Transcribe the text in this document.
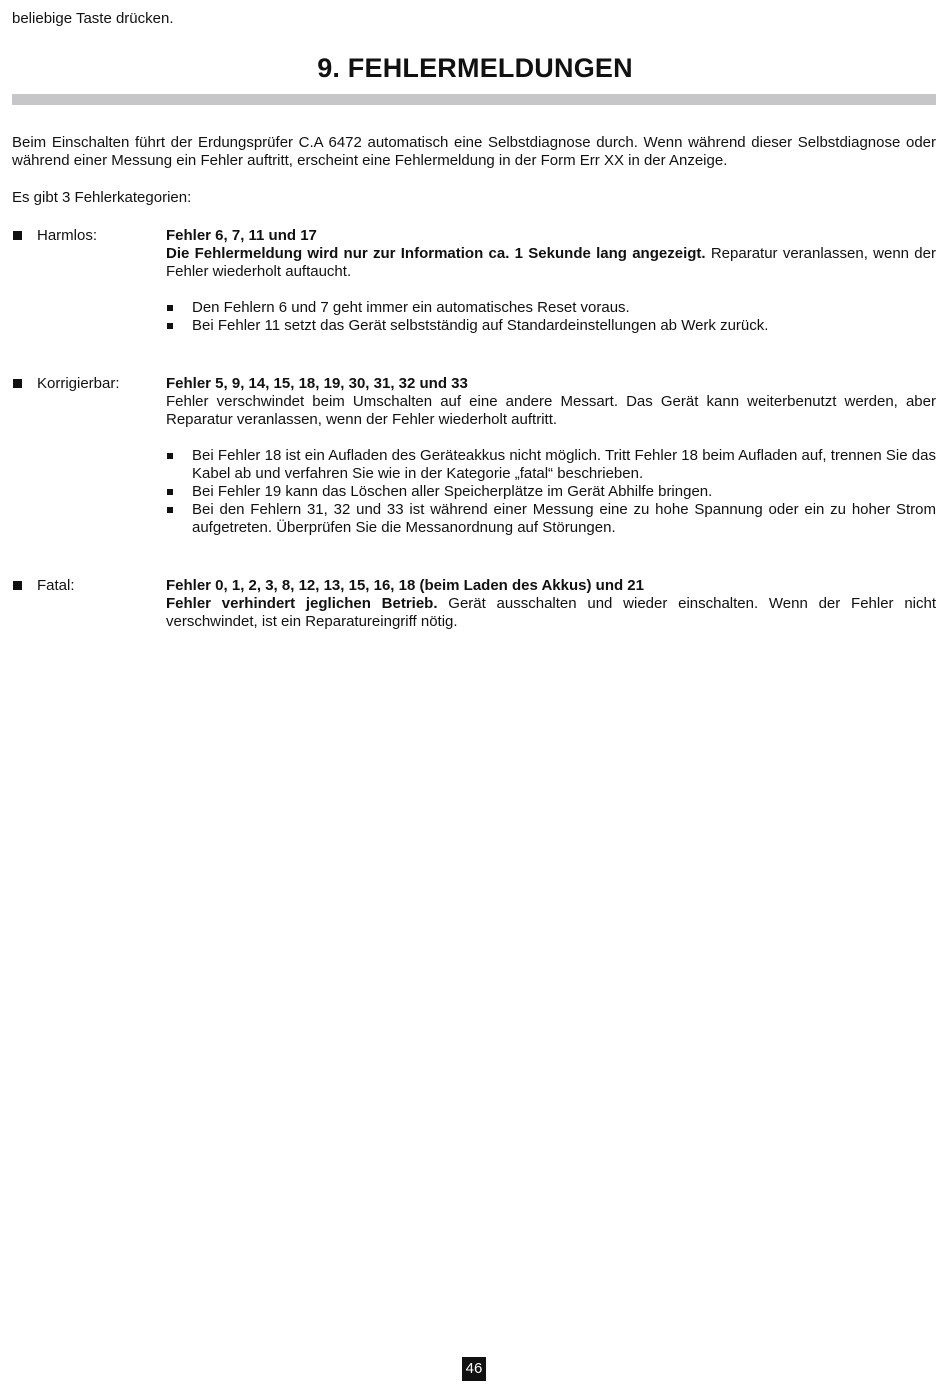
beliebige Taste drücken.
9. FEHLERMELDUNGEN
Beim Einschalten führt der Erdungsprüfer C.A 6472 automatisch eine Selbstdiagnose durch. Wenn während dieser Selbstdiagnose oder während einer Messung ein Fehler auftritt, erscheint eine Fehlermeldung in der Form Err XX in der Anzeige.
Es gibt 3 Fehlerkategorien:
Harmlos:	Fehler 6, 7, 11 und 17
Die Fehlermeldung wird nur zur Information ca. 1 Sekunde lang angezeigt. Reparatur veranlassen, wenn der Fehler wiederholt auftaucht.
Den Fehlern 6 und 7 geht immer ein automatisches Reset voraus.
Bei Fehler 11 setzt das Gerät selbstständig auf Standardeinstellungen ab Werk zurück.
Korrigierbar:	Fehler 5, 9, 14, 15, 18, 19, 30, 31, 32 und 33
Fehler verschwindet beim Umschalten auf eine andere Messart. Das Gerät kann weiterbenutzt werden, aber Reparatur veranlassen, wenn der Fehler wiederholt auftritt.
Bei Fehler 18 ist ein Aufladen des Geräteakkus nicht möglich. Tritt Fehler 18 beim Aufladen auf, trennen Sie das Kabel ab und verfahren Sie wie in der Kategorie „fatal“ beschrieben.
Bei Fehler 19 kann das Löschen aller Speicherplätze im Gerät Abhilfe bringen.
Bei den Fehlern 31, 32 und 33 ist während einer Messung eine zu hohe Spannung oder ein zu hoher Strom aufgetreten. Überprüfen Sie die Messanordnung auf Störungen.
Fatal:	Fehler 0, 1, 2, 3, 8, 12, 13, 15, 16, 18 (beim Laden des Akkus) und 21
Fehler verhindert jeglichen Betrieb. Gerät ausschalten und wieder einschalten. Wenn der Fehler nicht verschwindet, ist ein Reparatureingriff nötig.
46
